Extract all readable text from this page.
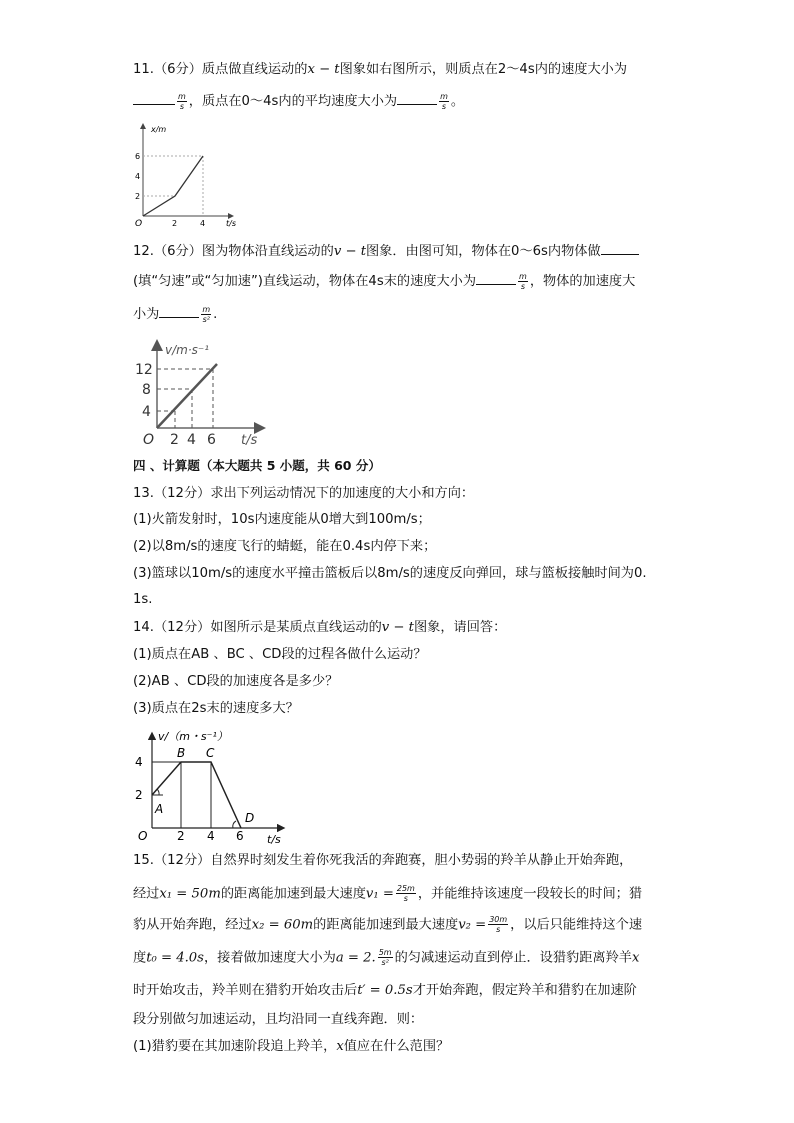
11.（6分）质点做直线运动的x − t图象如右图所示，则质点在2～4s内的速度大小为
$\frac{m}{s}$ ，质点在0～4s内的平均速度大小为	$\frac{m}{s}$ 。
x/m
t/s
O
6
4
2
2	4
12.（6分）图为物体沿直线运动的v − t图象．由图可知，物体在0～6s内物体做
(填“匀速”或“匀加速”)直线运动，物体在4s末的速度大小为	$\frac{m}{s}$ ，物体的加速度大
小为	$\frac{m}{\text{s²}}$ .
v/m·s⁻¹
t/s
O
12
8
4
2 4 6
四 、计算题（本大题共 5 小题，共 60 分）
13.（12分）求出下列运动情况下的加速度的大小和方向：
(1)火箭发射时，10s内速度能从0增大到100m/s；
(2)以8m/s的速度飞行的蜻蜓，能在0.4s内停下来；
(3)篮球以10m/s的速度水平撞击篮板后以8m/s的速度反向弹回，球与篮板接触时间为0.
1s.
14.（12分）如图所示是某质点直线运动的v − t图象，请回答：
(1)质点在AB 、BC 、CD段的过程各做什么运动？
(2)AB 、CD段的加速度各是多少？
(3)质点在2s末的速度多大？
v/（m・s⁻¹）
t/s
O
4
2
2 4 6
A
B C
D
15.（12分）自然界时刻发生着你死我活的奔跑赛，胆小势弱的羚羊从静止开始奔跑，
经过x₁ = 50m的距离能加速到最大速度$v_1 = \frac{25m}{s}$ ，并能维持该速度一段较长的时间；猎
豹从开始奔跑，经过x₂ = 60m的距离能加速到最大速度$v_2 = \frac{30m}{s}$ ，以后只能维持这个速
度t₀ = 4.0s，接着做加速度大小为a = 2. $\frac{5m}{\text{s²}}$ 的匀减速运动直到停止．设猎豹距离羚羊x
时开始攻击，羚羊则在猎豹开始攻击后t′ = 0.5s才开始奔跑，假定羚羊和猎豹在加速阶
段分别做匀加速运动，且均沿同一直线奔跑．则：
(1)猎豹要在其加速阶段追上羚羊，x值应在什么范围？
